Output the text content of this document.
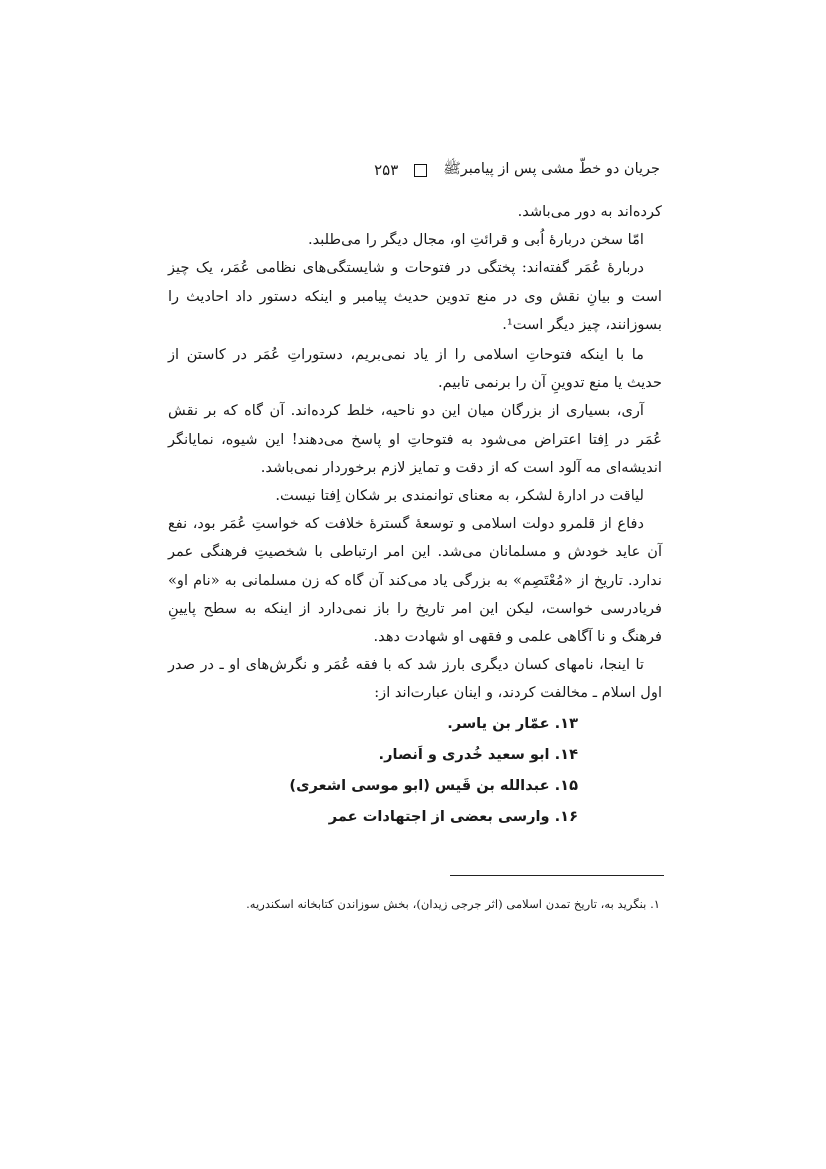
جریان دو خطّ مشی پس از پیامبرﷺ
۲۵۳

کرده‌اند به دور می‌باشد.

امّا سخن دربارۀ اُبی و قرائتِ او، مجال دیگر را می‌طلبد.

دربارۀ عُمَر گفته‌اند: پختگی در فتوحات و شایستگی‌های نظامی عُمَر، یک چیز است و بیانِ نقش وی در منع تدوین حدیث پیامبر و اینکه دستور داد احادیث را بسوزانند، چیز دیگر است¹.

ما با اینکه فتوحاتِ اسلامی را از یاد نمی‌بریم، دستوراتِ عُمَر در کاستن از حدیث یا منع تدوینِ آن را برنمی تابیم.

آری، بسیاری از بزرگان میان این دو ناحیه، خلط کرده‌اند. آن گاه که بر نقش عُمَر در اِفتا اعتراض می‌شود به فتوحاتِ او پاسخ می‌دهند! این شیوه، نمایانگر اندیشه‌ای مه آلود است که از دقت و تمایز لازم برخوردار نمی‌باشد.

لیاقت در ادارۀ لشکر، به معنای توانمندی بر شکان اِفتا نیست.

دفاع از قلمرو دولت اسلامی و توسعۀ گسترۀ خلافت که خواستِ عُمَر بود، نفع آن عاید خودش و مسلمانان می‌شد. این امر ارتباطی با شخصیتِ فرهنگی عمر ندارد. تاریخ از «مُعْتَصِم» به بزرگی یاد می‌کند آن گاه که زن مسلمانی به «نام او» فریادرسی خواست، لیکن این امر تاریخ را باز نمی‌دارد از اینکه به سطح پایینِ فرهنگ و نا آگاهی علمی و فقهی او شهادت دهد.

تا اینجا، نامهای کسان دیگری بارز شد که با فقه عُمَر و نگرش‌های او ـ در صدر اول اسلام ـ مخالفت کردند، و اینان عبارت‌اند از:

۱۳. عمّار بن یاسر.
۱۴. ابو سعید خُدری و اَنصار.
۱۵. عبدالله بن قَیس (ابو موسی اشعری)
۱۶. وارسی بعضی از اجتهادات عمر
۱. بنگرید به، تاریخ تمدن اسلامی (اثر جرجی زیدان)، بخش سوزاندن کتابخانه اسکندریه.
